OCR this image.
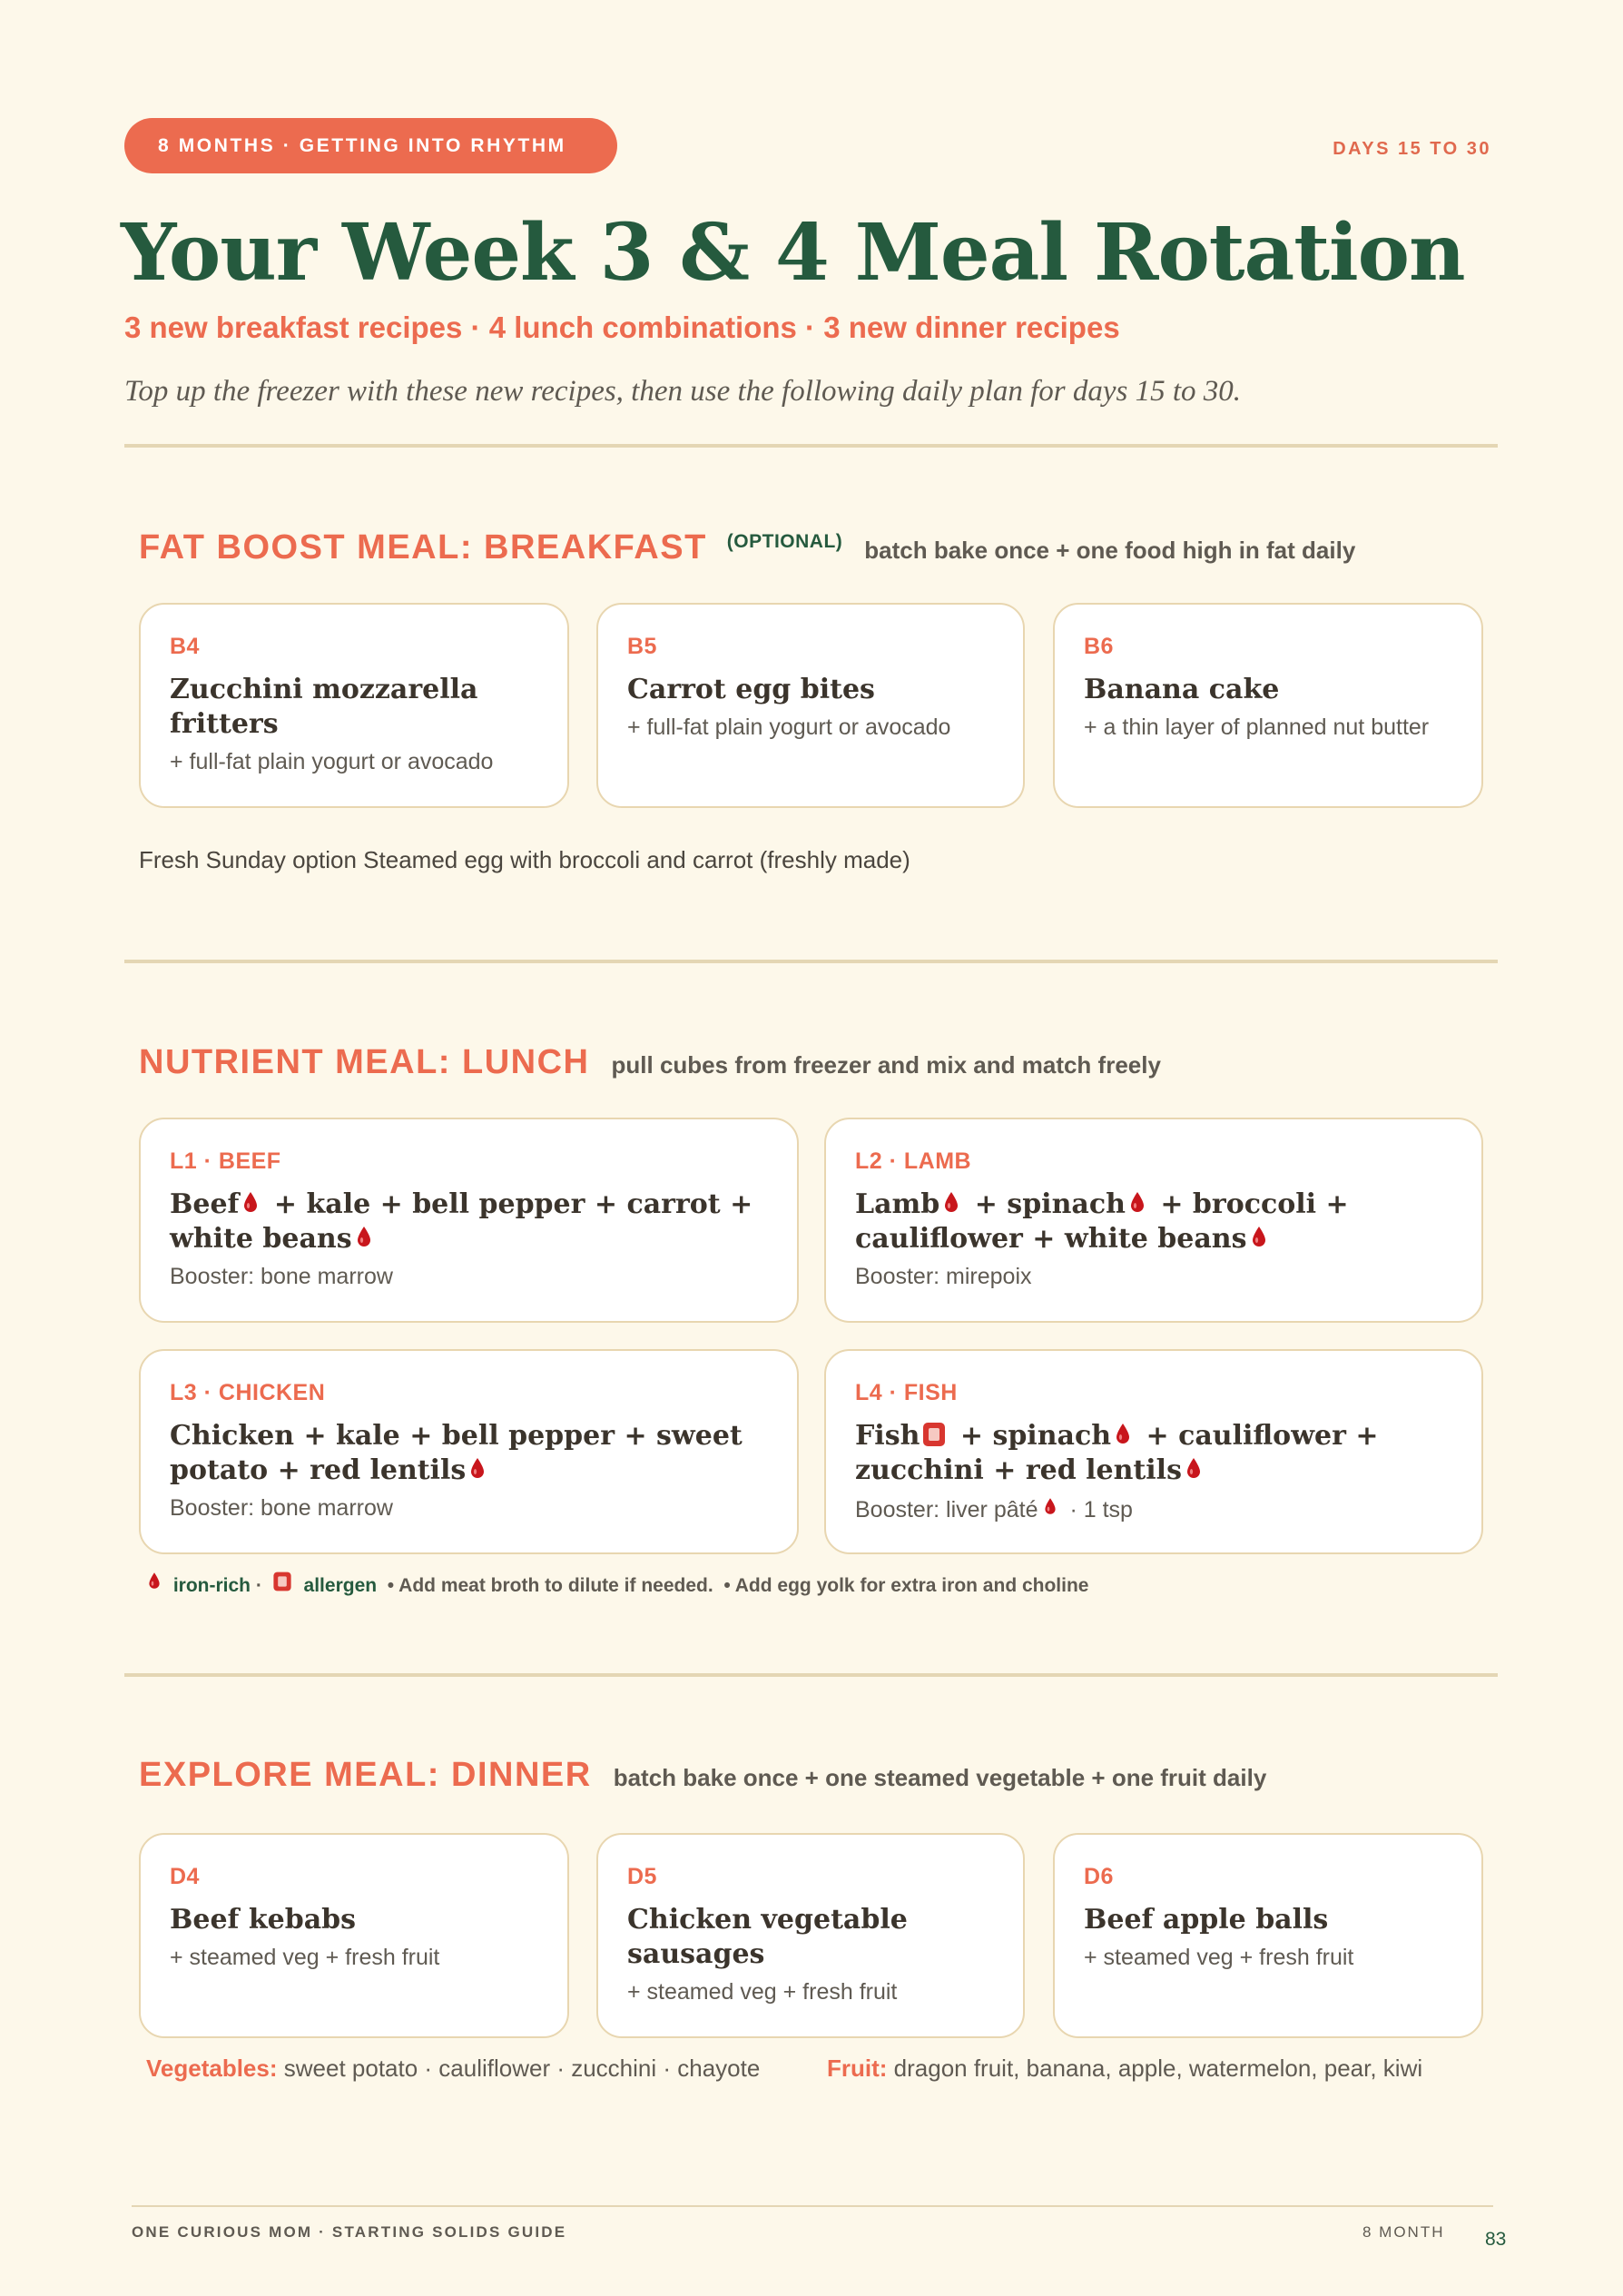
8 MONTHS · GETTING INTO RHYTHM	DAYS 15 TO 30
Your Week 3 & 4 Meal Rotation
3 new breakfast recipes · 4 lunch combinations · 3 new dinner recipes
Top up the freezer with these new recipes, then use the following daily plan for days 15 to 30.
FAT BOOST MEAL: BREAKFAST (OPTIONAL) batch bake once + one food high in fat daily
B4
Zucchini mozzarella fritters
+ full-fat plain yogurt or avocado
B5
Carrot egg bites
+ full-fat plain yogurt or avocado
B6
Banana cake
+ a thin layer of planned nut butter
Fresh Sunday option Steamed egg with broccoli and carrot (freshly made)
NUTRIENT MEAL: LUNCH pull cubes from freezer and mix and match freely
L1 · BEEF
Beef + kale + bell pepper + carrot +
white beans
Booster: bone marrow
L2 · LAMB
Lamb + spinach + broccoli +
cauliflower + white beans
Booster: mirepoix
L3 · CHICKEN
Chicken + kale + bell pepper + sweet
potato + red lentils
Booster: bone marrow
L4 · FISH
Fish + spinach + cauliflower +
zucchini + red lentils
Booster: liver pâté · 1 tsp
iron-rich · allergen • Add meat broth to dilute if needed. • Add egg yolk for extra iron and choline
EXPLORE MEAL: DINNER batch bake once + one steamed vegetable + one fruit daily
D4
Beef kebabs
+ steamed veg + fresh fruit
D5
Chicken vegetable sausages
+ steamed veg + fresh fruit
D6
Beef apple balls
+ steamed veg + fresh fruit
Vegetables: sweet potato · cauliflower · zucchini · chayote	Fruit: dragon fruit, banana, apple, watermelon, pear, kiwi
ONE CURIOUS MOM · STARTING SOLIDS GUIDE	8 MONTH 83
